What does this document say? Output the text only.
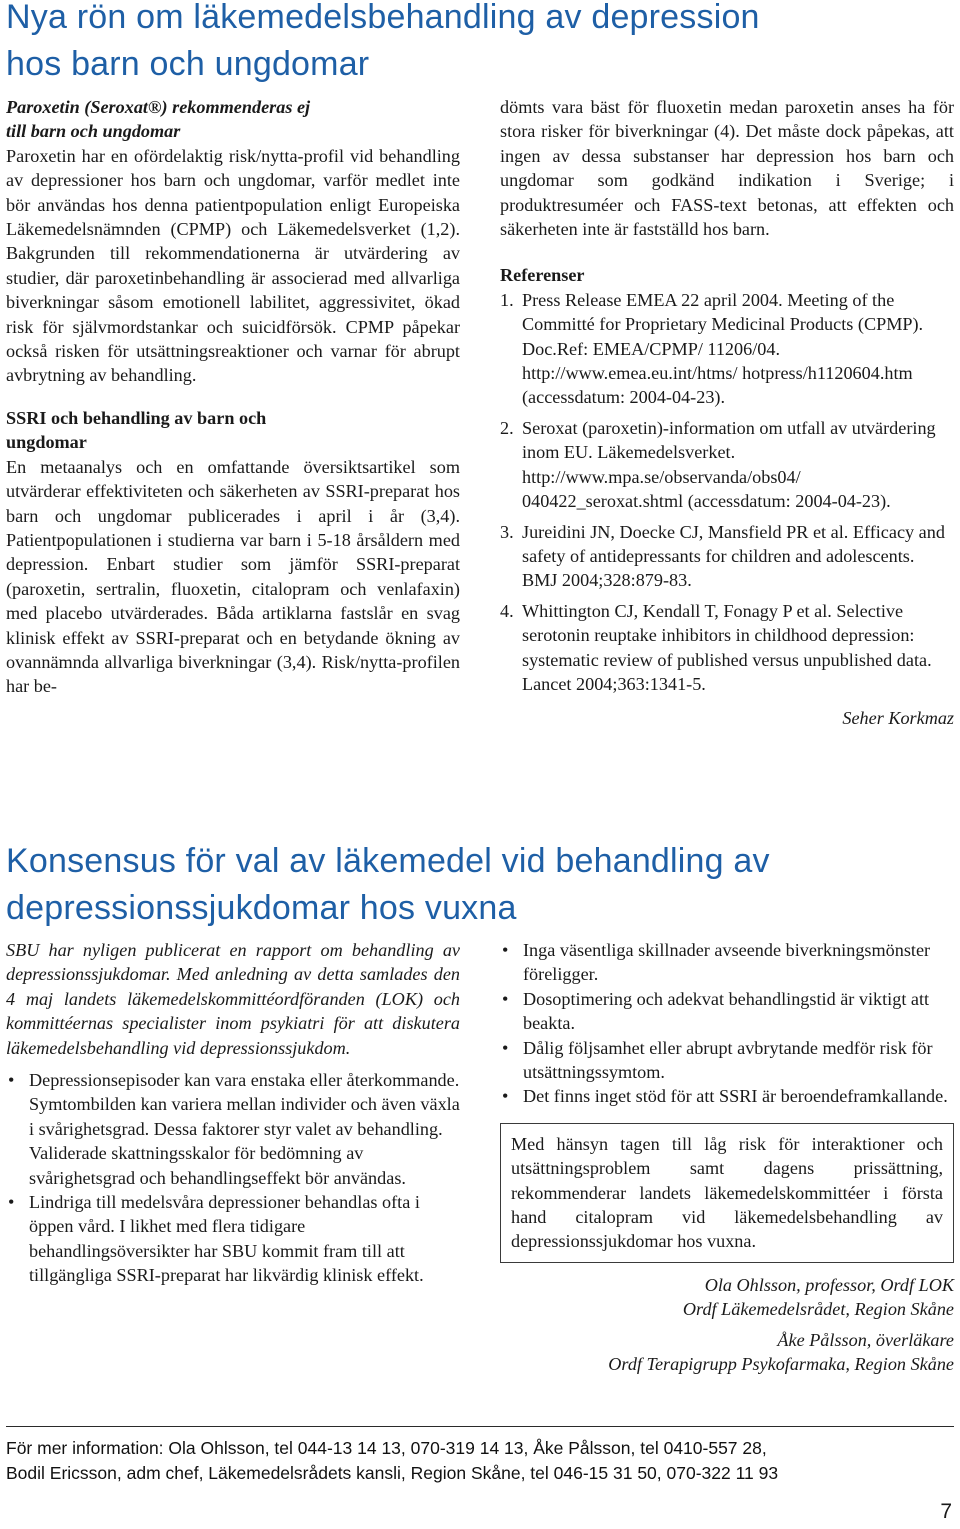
Nya rön om läkemedelsbehandling av depression
hos barn och ungdomar

Paroxetin (Seroxat®) rekommenderas ej
till barn och ungdomar

Paroxetin har en ofördelaktig risk/nytta-profil vid behandling av depressioner hos barn och ungdomar, varför medlet inte bör användas hos denna patientpopulation enligt Europeiska Läkemedelsnämnden (CPMP) och Läkemedelsverket (1,2). Bakgrunden till rekommendationerna är utvärdering av studier, där paroxetinbehandling är associerad med allvarliga biverkningar såsom emotionell labilitet, aggressivitet, ökad risk för självmordstankar och suicidförsök. CPMP påpekar också risken för utsättningsreaktioner och varnar för abrupt avbrytning av behandling.

SSRI och behandling av barn och
ungdomar

En metaanalys och en omfattande översiktsartikel som utvärderar effektiviteten och säkerheten av SSRI-preparat hos barn och ungdomar publicerades i april i år (3,4). Patientpopulationen i studierna var barn i 5-18 årsåldern med depression. Enbart studier som jämför SSRI-preparat (paroxetin, sertralin, fluoxetin, citalopram och venlafaxin) med placebo utvärderades. Båda artiklarna fastslår en svag klinisk effekt av SSRI-preparat och en betydande ökning av ovannämnda allvarliga biverkningar (3,4). Risk/nytta-profilen har be-

dömts vara bäst för fluoxetin medan paroxetin anses ha för stora risker för biverkningar (4). Det måste dock påpekas, att ingen av dessa substanser har depression hos barn och ungdomar som godkänd indikation i Sverige; i produktresuméer och FASS-text betonas, att effekten och säkerheten inte är fastställd hos barn.

Referenser

1. Press Release EMEA 22 april 2004. Meeting of the Committé for Proprietary Medicinal Products (CPMP). Doc.Ref: EMEA/CPMP/ 11206/04. http://www.emea.eu.int/htms/ hotpress/h1120604.htm (accessdatum: 2004-04-23).
2. Seroxat (paroxetin)-information om utfall av utvärdering inom EU. Läkemedelsverket. http://www.mpa.se/observanda/obs04/ 040422_seroxat.shtml (accessdatum: 2004-04-23).
3. Jureidini JN, Doecke CJ, Mansfield PR et al. Efficacy and safety of antidepressants for children and adolescents. BMJ 2004;328:879-83.
4. Whittington CJ, Kendall T, Fonagy P et al. Selective serotonin reuptake inhibitors in childhood depression: systematic review of published versus unpublished data. Lancet 2004;363:1341-5.

Seher Korkmaz

Konsensus för val av läkemedel vid behandling av
depressionssjukdomar hos vuxna

SBU har nyligen publicerat en rapport om behandling av depressionssjukdomar. Med anledning av detta samlades den 4 maj landets läkemedelskommittéordföranden (LOK) och kommittéernas specialister inom psykiatri för att diskutera läkemedelsbehandling vid depressionssjukdom.

• Depressionsepisoder kan vara enstaka eller återkommande. Symtombilden kan variera mellan individer och även växla i svårighetsgrad. Dessa faktorer styr valet av behandling. Validerade skattningsskalor för bedömning av svårighetsgrad och behandlingseffekt bör användas.
• Lindriga till medelsvåra depressioner behandlas ofta i öppen vård. I likhet med flera tidigare behandlingsöversikter har SBU kommit fram till att tillgängliga SSRI-preparat har likvärdig klinisk effekt.
• Inga väsentliga skillnader avseende biverkningsmönster föreligger.
• Dosoptimering och adekvat behandlingstid är viktigt att beakta.
• Dålig följsamhet eller abrupt avbrytande medför risk för utsättningssymtom.
• Det finns inget stöd för att SSRI är beroendeframkallande.
Med hänsyn tagen till låg risk för interaktioner och utsättningsproblem samt dagens prissättning, rekommenderar landets läkemedelskommittéer i första hand citalopram vid läkemedelsbehandling av depressionssjukdomar hos vuxna.
Ola Ohlsson, professor, Ordf LOK
Ordf Läkemedelsrådet, Region Skåne
Åke Pålsson, överläkare
Ordf Terapigrupp Psykofarmaka, Region Skåne
För mer information: Ola Ohlsson, tel 044-13 14 13, 070-319 14 13, Åke Pålsson, tel 0410-557 28,
Bodil Ericsson, adm chef, Läkemedelsrådets kansli, Region Skåne, tel 046-15 31 50, 070-322 11 93
7
